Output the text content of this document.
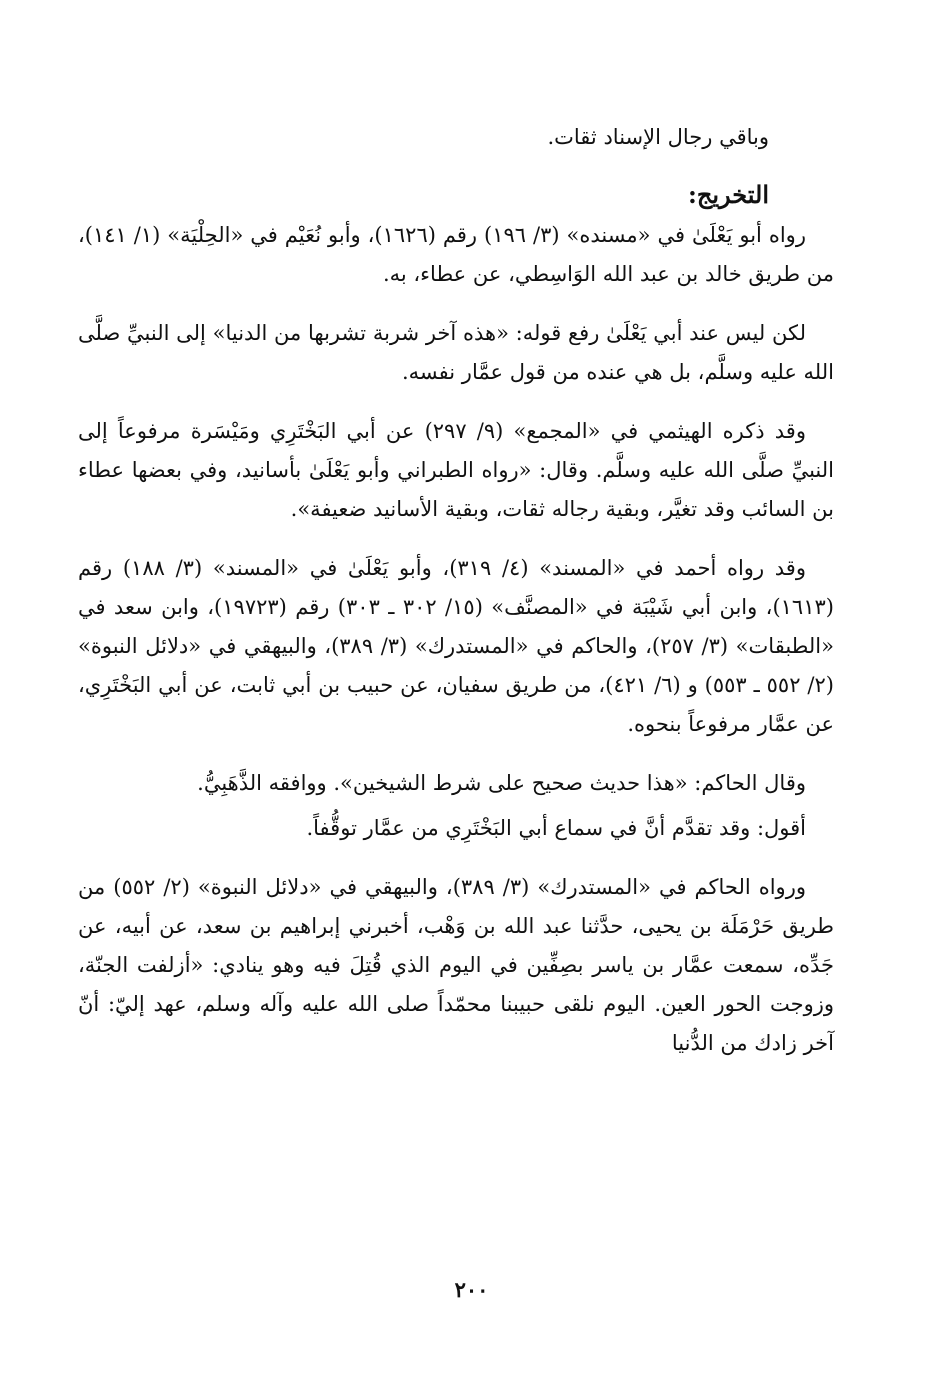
وباقي رجال الإسناد ثقات.

التخريج:

رواه أبو يَعْلَىٰ في «مسنده» (٣/ ١٩٦) رقم (١٦٢٦)، وأبو نُعَيْم في «الحِلْيَة» (١/ ١٤١)، من طريق خالد بن عبد الله الوَاسِطي، عن عطاء، به.

لكن ليس عند أبي يَعْلَىٰ رفع قوله: «هذه آخر شربة تشربها من الدنيا» إلى النبيِّ صلَّى الله عليه وسلَّم، بل هي عنده من قول عمَّار نفسه.

وقد ذكره الهيثمي في «المجمع» (٩/ ٢٩٧) عن أبي البَخْتَرِي ومَيْسَرة مرفوعاً إلى النبيِّ صلَّى الله عليه وسلَّم. وقال: «رواه الطبراني وأبو يَعْلَىٰ بأسانيد، وفي بعضها عطاء بن السائب وقد تغيَّر، وبقية رجاله ثقات، وبقية الأسانيد ضعيفة».

وقد رواه أحمد في «المسند» (٤/ ٣١٩)، وأبو يَعْلَىٰ في «المسند» (٣/ ١٨٨) رقم (١٦١٣)، وابن أبي شَيْبَة في «المصنَّف» (١٥/ ٣٠٢ ـ ٣٠٣) رقم (١٩٧٢٣)، وابن سعد في «الطبقات» (٣/ ٢٥٧)، والحاكم في «المستدرك» (٣/ ٣٨٩)، والبيهقي في «دلائل النبوة» (٢/ ٥٥٢ ـ ٥٥٣) و (٦/ ٤٢١)، من طريق سفيان، عن حبيب بن أبي ثابت، عن أبي البَخْتَرِي، عن عمَّار مرفوعاً بنحوه.

وقال الحاكم: «هذا حديث صحيح على شرط الشيخين». ووافقه الذَّهَبِيُّ.

أقول: وقد تقدَّم أنَّ في سماع أبي البَخْتَرِي من عمَّار توقُّفاً.

ورواه الحاكم في «المستدرك» (٣/ ٣٨٩)، والبيهقي في «دلائل النبوة» (٢/ ٥٥٢) من طريق حَرْمَلَة بن يحيى، حدَّثنا عبد الله بن وَهْب، أخبرني إبراهيم بن سعد، عن أبيه، عن جَدِّه، سمعت عمَّار بن ياسر بصِفِّين في اليوم الذي قُتِلَ فيه وهو ينادي: «أزلفت الجنّة، وزوجت الحور العين. اليوم نلقى حبيبنا محمّداً صلى الله عليه وآله وسلم، عهد إليّ: أنّ آخر زادك من الدُّنيا

٢٠٠
